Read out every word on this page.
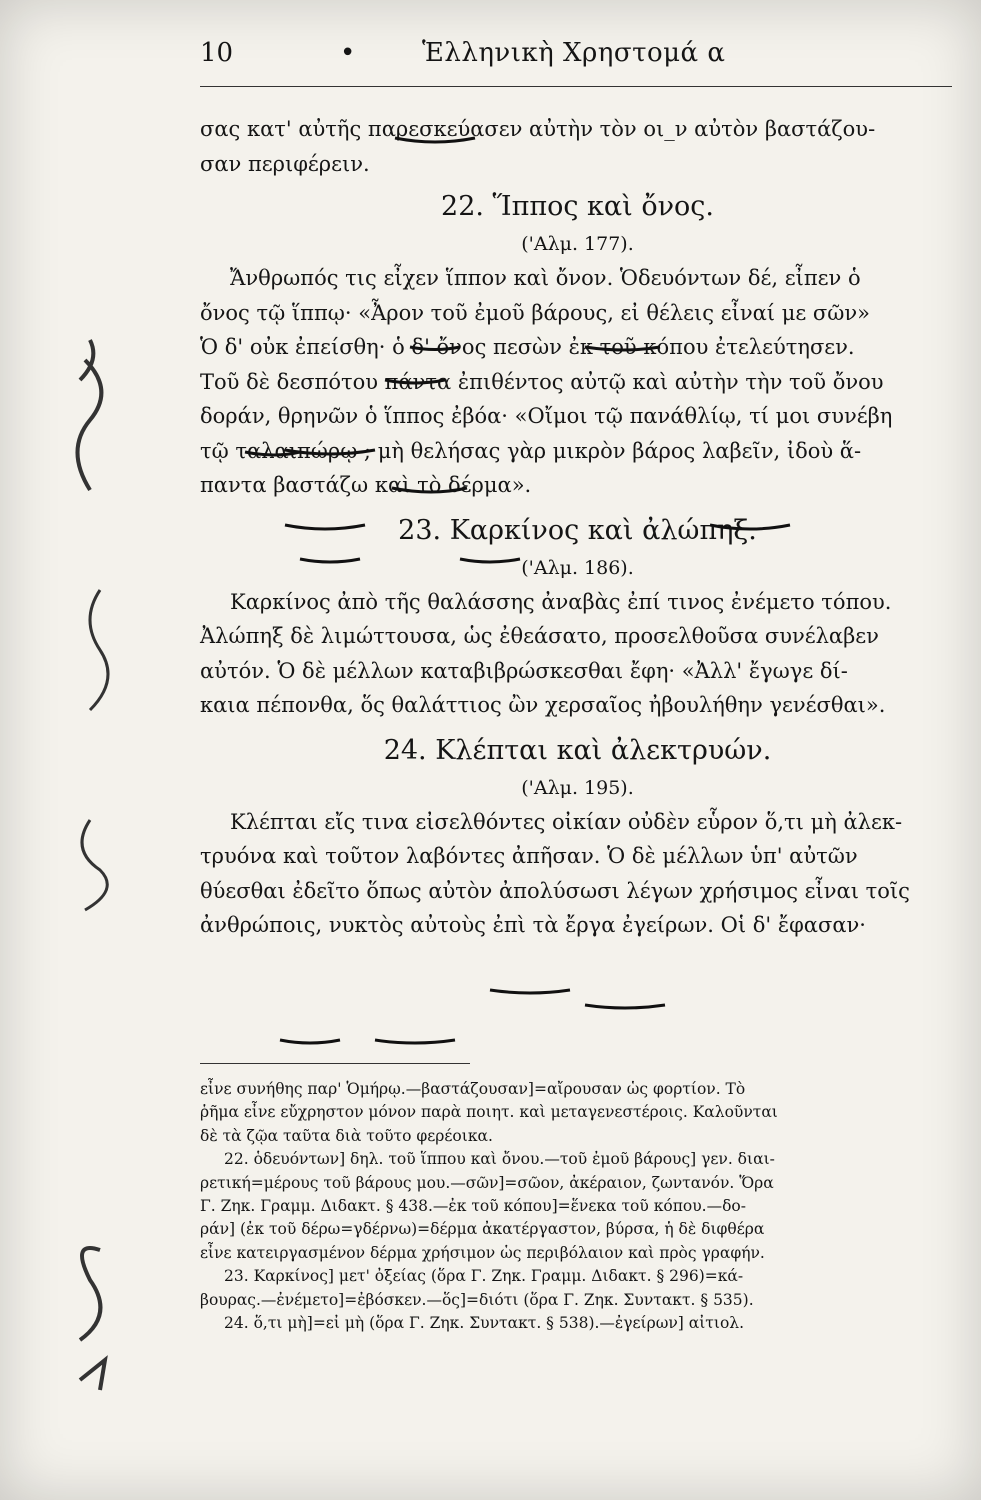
10	•	Ἑλληνικὴ Χρηστομά α
σας κατ' αὐτῆς παρεσκεύασεν αὐτὴν τὸν οι_ν αὐτὸν βαστάζου-
σαν περιφέρειν.
22. Ἵππος καὶ ὄνος.
('Αλμ. 177).
Ἄνθρωπός τις εἶχεν ἵππον καὶ ὄνον. Ὁδευόντων δέ, εἶπεν ὁ
ὄνος τῷ ἵππῳ· «Ἆρον τοῦ ἐμοῦ βάρους, εἰ θέλεις εἶναί με σῶν»
Ὁ δ' οὐκ ἐπείσθη· ὁ δ' ὄνος πεσὼν ἐκ τοῦ κόπου ἐτελεύτησεν.
Τοῦ δὲ δεσπότου πάντα ἐπιθέντος αὐτῷ καὶ αὐτὴν τὴν τοῦ ὄνου
δοράν, θρηνῶν ὁ ἵππος ἐβόα· «Οἴμοι τῷ πανάθλίῳ, τί μοι συνέβη
τῷ ταλαιπώρῳ ; μὴ θελήσας γὰρ μικρὸν βάρος λαβεῖν, ἰδοὺ ἅ-
παντα βαστάζω καὶ τὸ δέρμα».
23. Καρκίνος καὶ ἀλώπηξ.
('Αλμ. 186).
Καρκίνος ἀπὸ τῆς θαλάσσης ἀναβὰς ἐπί τινος ἐνέμετο τόπου.
Ἀλώπηξ δὲ λιμώττουσα, ὡς ἐθεάσατο, προσελθοῦσα συνέλαβεν
αὐτόν. Ὁ δὲ μέλλων καταβιβρώσκεσθαι ἔφη· «Ἀλλ' ἔγωγε δί-
καια πέπονθα, ὅς θαλάττιος ὢν χερσαῖος ἠβουλήθην γενέσθαι».
24. Κλέπται καὶ ἀλεκτρυών.
('Αλμ. 195).
Κλέπται εἴς τινα εἰσελθόντες οἰκίαν οὐδὲν εὗρον ὅ,τι μὴ ἀλεκ-
τρυόνα καὶ τοῦτον λαβόντες ἀπῆσαν. Ὁ δὲ μέλλων ὑπ' αὐτῶν
θύεσθαι ἐδεῖτο ὅπως αὐτὸν ἀπολύσωσι λέγων χρήσιμος εἶναι τοῖς
ἀνθρώποις, νυκτὸς αὐτοὺς ἐπὶ τὰ ἔργα ἐγείρων. Οἱ δ' ἔφασαν·
εἶνε συνήθης παρ' Ὁμήρῳ.—βαστάζουσαν]=αἴρουσαν ὡς φορτίον. Τὸ
ῥῆμα εἶνε εὔχρηστον μόνον παρὰ ποιητ. καὶ μεταγενεστέροις. Καλοῦνται
δὲ τὰ ζῷα ταῦτα διὰ τοῦτο φερέοικα.
22. ὁδευόντων] δηλ. τοῦ ἵππου καὶ ὄνου.—τοῦ ἐμοῦ βάρους] γεν. διαι-
ρετική=μέρους τοῦ βάρους μου.—σῶν]=σῶον, ἀκέραιον, ζωντανόν. Ὅρα
Γ. Ζηκ. Γραμμ. Διδακτ. § 438.—ἐκ τοῦ κόπου]=ἕνεκα τοῦ κόπου.—δο-
ράν] (ἐκ τοῦ δέρω=γδέρνω)=δέρμα ἀκατέργαστον, βύρσα, ἡ δὲ διφθέρα
εἶνε κατειργασμένον δέρμα χρήσιμον ὡς περιβόλαιον καὶ πρὸς γραφήν.
23. Καρκίνος] μετ' ὀξείας (ὅρα Γ. Ζηκ. Γραμμ. Διδακτ. § 296)=κά-
βουρας.—ἐνέμετο]=ἐβόσκεν.—ὅς]=διότι (ὅρα Γ. Ζηκ. Συντακτ. § 535).
24. ὅ,τι μὴ]=εἰ μὴ (ὅρα Γ. Ζηκ. Συντακτ. § 538).—ἐγείρων] αἰτιολ.
